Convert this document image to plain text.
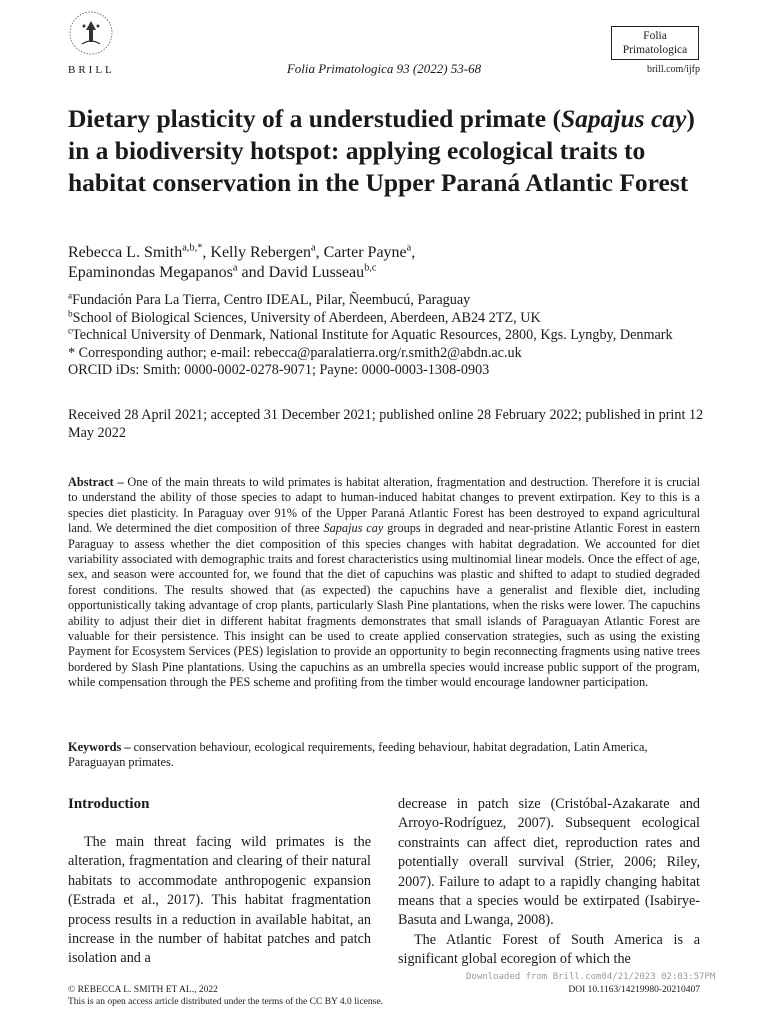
BRILL	Folia Primatologica 93 (2022) 53-68
Folia
Primatologica
brill.com/ijfp
Dietary plasticity of a understudied primate (Sapajus cay) in a biodiversity hotspot: applying ecological traits to habitat conservation in the Upper Paraná Atlantic Forest
Rebecca L. Smith$^{a,b,*}$, Kelly Rebergen$^a$, Carter Payne$^a$,
Epaminondas Megapanos$^a$ and David Lusseau$^{b,c}$
$^a$Fundación Para La Tierra, Centro IDEAL, Pilar, Ñeembucú, Paraguay
$^b$School of Biological Sciences, University of Aberdeen, Aberdeen, AB24 2TZ, UK
$^c$Technical University of Denmark, National Institute for Aquatic Resources, 2800, Kgs. Lyngby, Denmark
* Corresponding author; e-mail: rebecca@paralatierra.org/r.smith2@abdn.ac.uk
ORCID iDs: Smith: 0000-0002-0278-9071; Payne: 0000-0003-1308-0903
Received 28 April 2021; accepted 31 December 2021; published online 28 February 2022; published in print 12 May 2022
Abstract – One of the main threats to wild primates is habitat alteration, fragmentation and destruction. Therefore it is crucial to understand the ability of those species to adapt to human-induced habitat changes to prevent extirpation. Key to this is a species diet plasticity. In Paraguay over 91% of the Upper Paraná Atlantic Forest has been destroyed to expand agricultural land. We determined the diet composition of three Sapajus cay groups in degraded and near-pristine Atlantic Forest in eastern Paraguay to assess whether the diet composition of this species changes with habitat degradation. We accounted for diet variability associated with demographic traits and forest characteristics using multinomial linear models. Once the effect of age, sex, and season were accounted for, we found that the diet of capuchins was plastic and shifted to adapt to studied degraded forest conditions. The results showed that (as expected) the capuchins have a generalist and flexible diet, including opportunistically taking advantage of crop plants, particularly Slash Pine plantations, when the risks were lower. The capuchins ability to adjust their diet in different habitat fragments demonstrates that small islands of Paraguayan Atlantic Forest are valuable for their persistence. This insight can be used to create applied conservation strategies, such as using the existing Payment for Ecosystem Services (PES) legislation to provide an opportunity to begin reconnecting fragments using native trees bordered by Slash Pine plantations. Using the capuchins as an umbrella species would increase public support of the program, while compensation through the PES scheme and profiting from the timber would encourage landowner participation.
Keywords – conservation behaviour, ecological requirements, feeding behaviour, habitat degradation, Latin America, Paraguayan primates.
Introduction
The main threat facing wild primates is the alteration, fragmentation and clearing of their natural habitats to accommodate anthropogenic expansion (Estrada et al., 2017). This habitat fragmentation process results in a reduction in available habitat, an increase in the number of habitat patches and patch isolation and a
decrease in patch size (Cristóbal-Azakarate and Arroyo-Rodríguez, 2007). Subsequent ecological constraints can affect diet, reproduction rates and potentially overall survival (Strier, 2006; Riley, 2007). Failure to adapt to a rapidly changing habitat means that a species would be extirpated (Isabirye-Basuta and Lwanga, 2008).
The Atlantic Forest of South America is a significant global ecoregion of which the
Downloaded from Brill.com04/21/2023 02:03:57PM
© REBECCA L. SMITH ET AL., 2022	DOI 10.1163/14219980-20210407
This is an open access article distributed under the terms of the CC BY 4.0 license.
